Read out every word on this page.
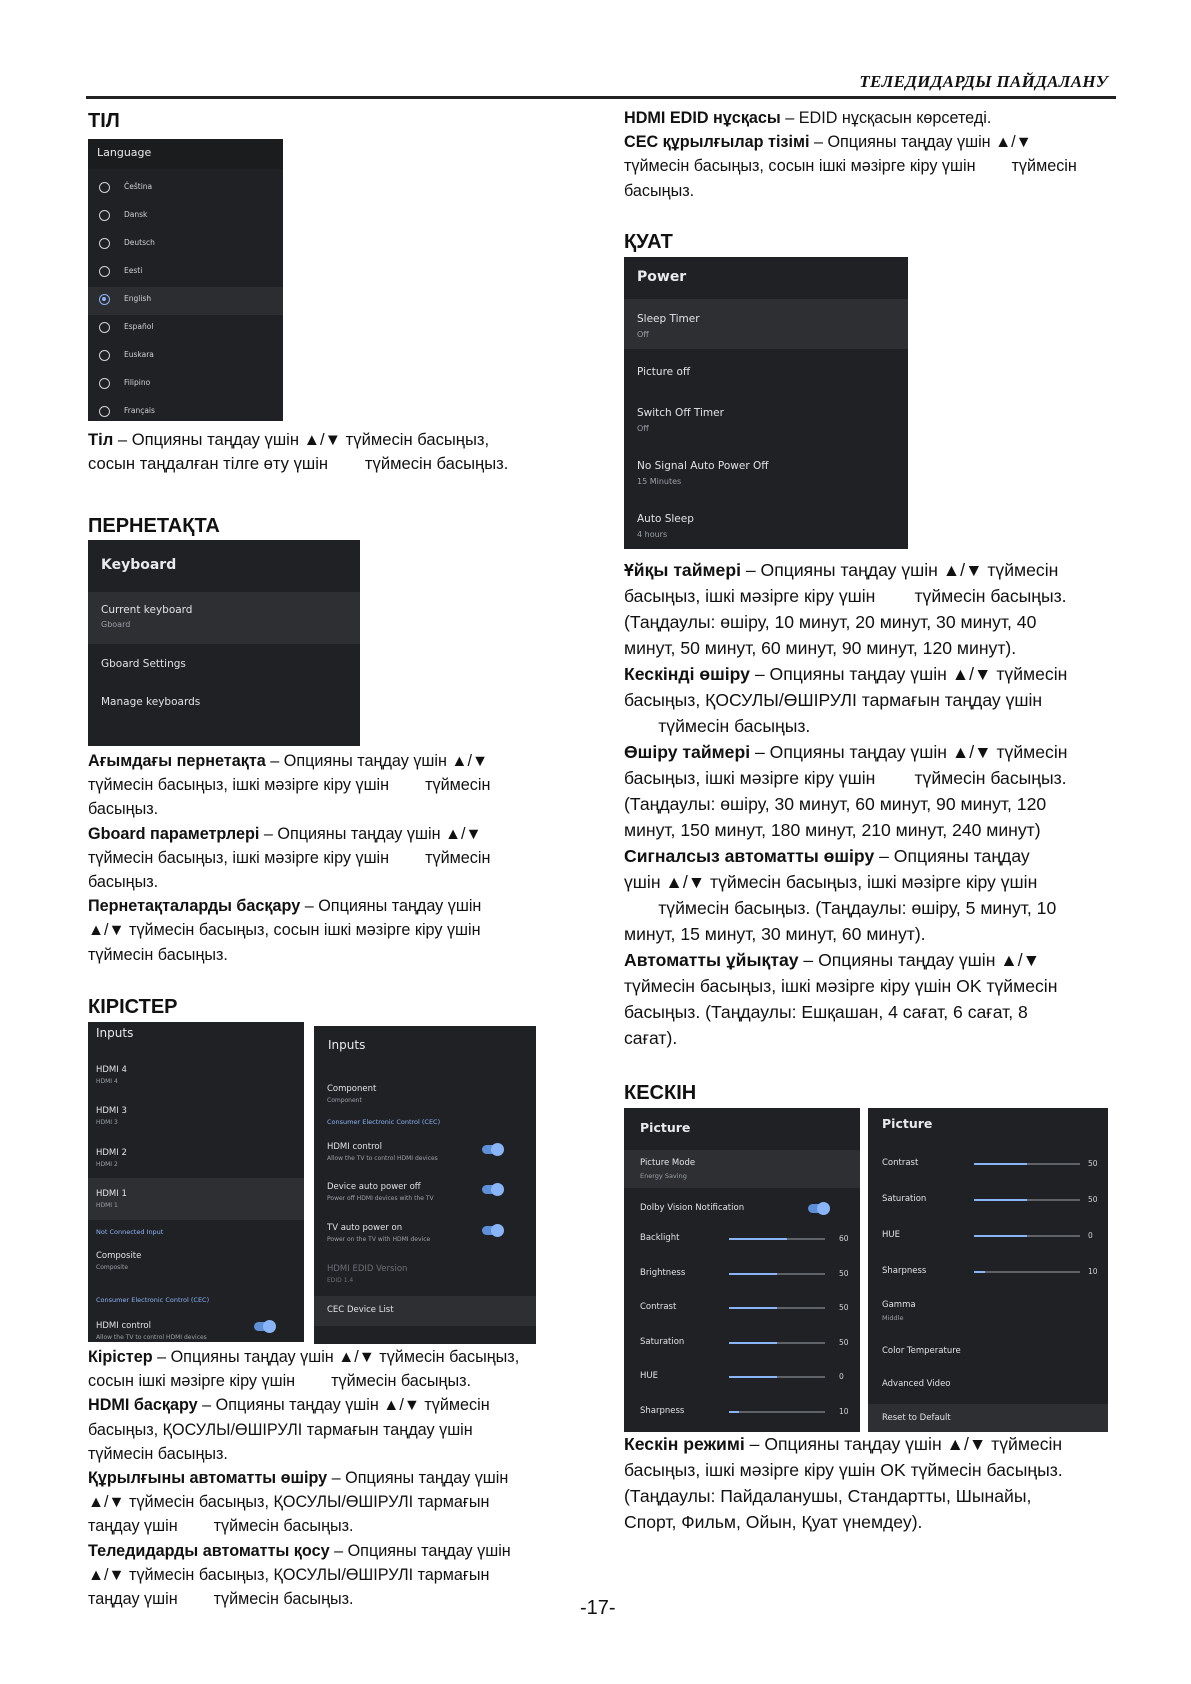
ТЕЛЕДИДАРДЫ ПАЙДАЛАНУ
ТІЛ
Language
Čeština
Dansk
Deutsch
Eesti
English
Español
Euskara
Filipino
Français
Тіл – Опцияны таңдау үшін ▲/▼ түймесін басыңыз,
сосын таңдалған тілге өту үшін        түймесін басыңыз.
ПЕРНЕТАҚТА
Keyboard
Current keyboard
Gboard
Gboard Settings
Manage keyboards
Ағымдағы пернетақта – Опцияны таңдау үшін ▲/▼
түймесін басыңыз, ішкі мәзірге кіру үшін        түймесін
басыңыз.
Gboard параметрлері – Опцияны таңдау үшін ▲/▼
түймесін басыңыз, ішкі мәзірге кіру үшін        түймесін
басыңыз.
Пернетақталарды басқару – Опцияны таңдау үшін
▲/▼ түймесін басыңыз, сосын ішкі мәзірге кіру үшін
түймесін басыңыз.
КІРІСТЕР
Inputs
HDMI 4
HDMI 4
HDMI 3
HDMI 3
HDMI 2
HDMI 2
HDMI 1
HDMI 1
Not Connected Input
Composite
Composite
Consumer Electronic Control (CEC)
HDMI control
Allow the TV to control HDMI devices
Inputs
Component
Component
Consumer Electronic Control (CEC)
HDMI control
Allow the TV to control HDMI devices
Device auto power off
Power off HDMI devices with the TV
TV auto power on
Power on the TV with HDMI device
HDMI EDID Version
EDID 1.4
CEC Device List
Кірістер – Опцияны таңдау үшін ▲/▼ түймесін басыңыз,
сосын ішкі мәзірге кіру үшін        түймесін басыңыз.
HDMI басқару – Опцияны таңдау үшін ▲/▼ түймесін
басыңыз, ҚОСУЛЫ/ӨШІРУЛІ тармағын таңдау үшін
түймесін басыңыз.
Құрылғыны автоматты өшіру – Опцияны таңдау үшін
▲/▼ түймесін басыңыз, ҚОСУЛЫ/ӨШІРУЛІ тармағын
таңдау үшін        түймесін басыңыз.
Теледидарды автоматты қосу – Опцияны таңдау үшін
▲/▼ түймесін басыңыз, ҚОСУЛЫ/ӨШІРУЛІ тармағын
таңдау үшін        түймесін басыңыз.
HDMI EDID нұсқасы – EDID нұсқасын көрсетеді.
CEC құрылғылар тізімі – Опцияны таңдау үшін ▲/▼
түймесін басыңыз, сосын ішкі мәзірге кіру үшін        түймесін
басыңыз.
ҚУАТ
Power
Sleep Timer
Off
Picture off
Switch Off Timer
Off
No Signal Auto Power Off
15 Minutes
Auto Sleep
4 hours
Ұйқы таймері – Опцияны таңдау үшін ▲/▼ түймесін
басыңыз, ішкі мәзірге кіру үшін        түймесін басыңыз.
(Таңдаулы: өшіру, 10 минут, 20 минут, 30 минут, 40
минут, 50 минут, 60 минут, 90 минут, 120 минут).
Кескінді өшіру – Опцияны таңдау үшін ▲/▼ түймесін
басыңыз, ҚОСУЛЫ/ӨШІРУЛІ тармағын таңдау үшін
түймесін басыңыз.
Өшіру таймері – Опцияны таңдау үшін ▲/▼ түймесін
басыңыз, ішкі мәзірге кіру үшін        түймесін басыңыз.
(Таңдаулы: өшіру, 30 минут, 60 минут, 90 минут, 120
минут, 150 минут, 180 минут, 210 минут, 240 минут)
Сигналсыз автоматты өшіру – Опцияны таңдау
үшін ▲/▼ түймесін басыңыз, ішкі мәзірге кіру үшін
түймесін басыңыз. (Таңдаулы: өшіру, 5 минут, 10
минут, 15 минут, 30 минут, 60 минут).
Автоматты ұйықтау – Опцияны таңдау үшін ▲/▼
түймесін басыңыз, ішкі мәзірге кіру үшін OK түймесін
басыңыз. (Таңдаулы: Ешқашан, 4 сағат, 6 сағат, 8
сағат).
КЕСКІН
Picture
Picture Mode
Energy Saving
Dolby Vision Notification
Backlight	60
Brightness	50
Contrast	50
Saturation	50
HUE	0
Sharpness	10
Picture
Contrast	50
Saturation	50
HUE	0
Sharpness	10
Gamma
Middle
Color Temperature
Advanced Video
Reset to Default
Кескін режимі – Опцияны таңдау үшін ▲/▼ түймесін
басыңыз, ішкі мәзірге кіру үшін OK түймесін басыңыз.
(Таңдаулы: Пайдаланушы, Стандартты, Шынайы,
Спорт, Фильм, Ойын, Қуат үнемдеу).
-17-
